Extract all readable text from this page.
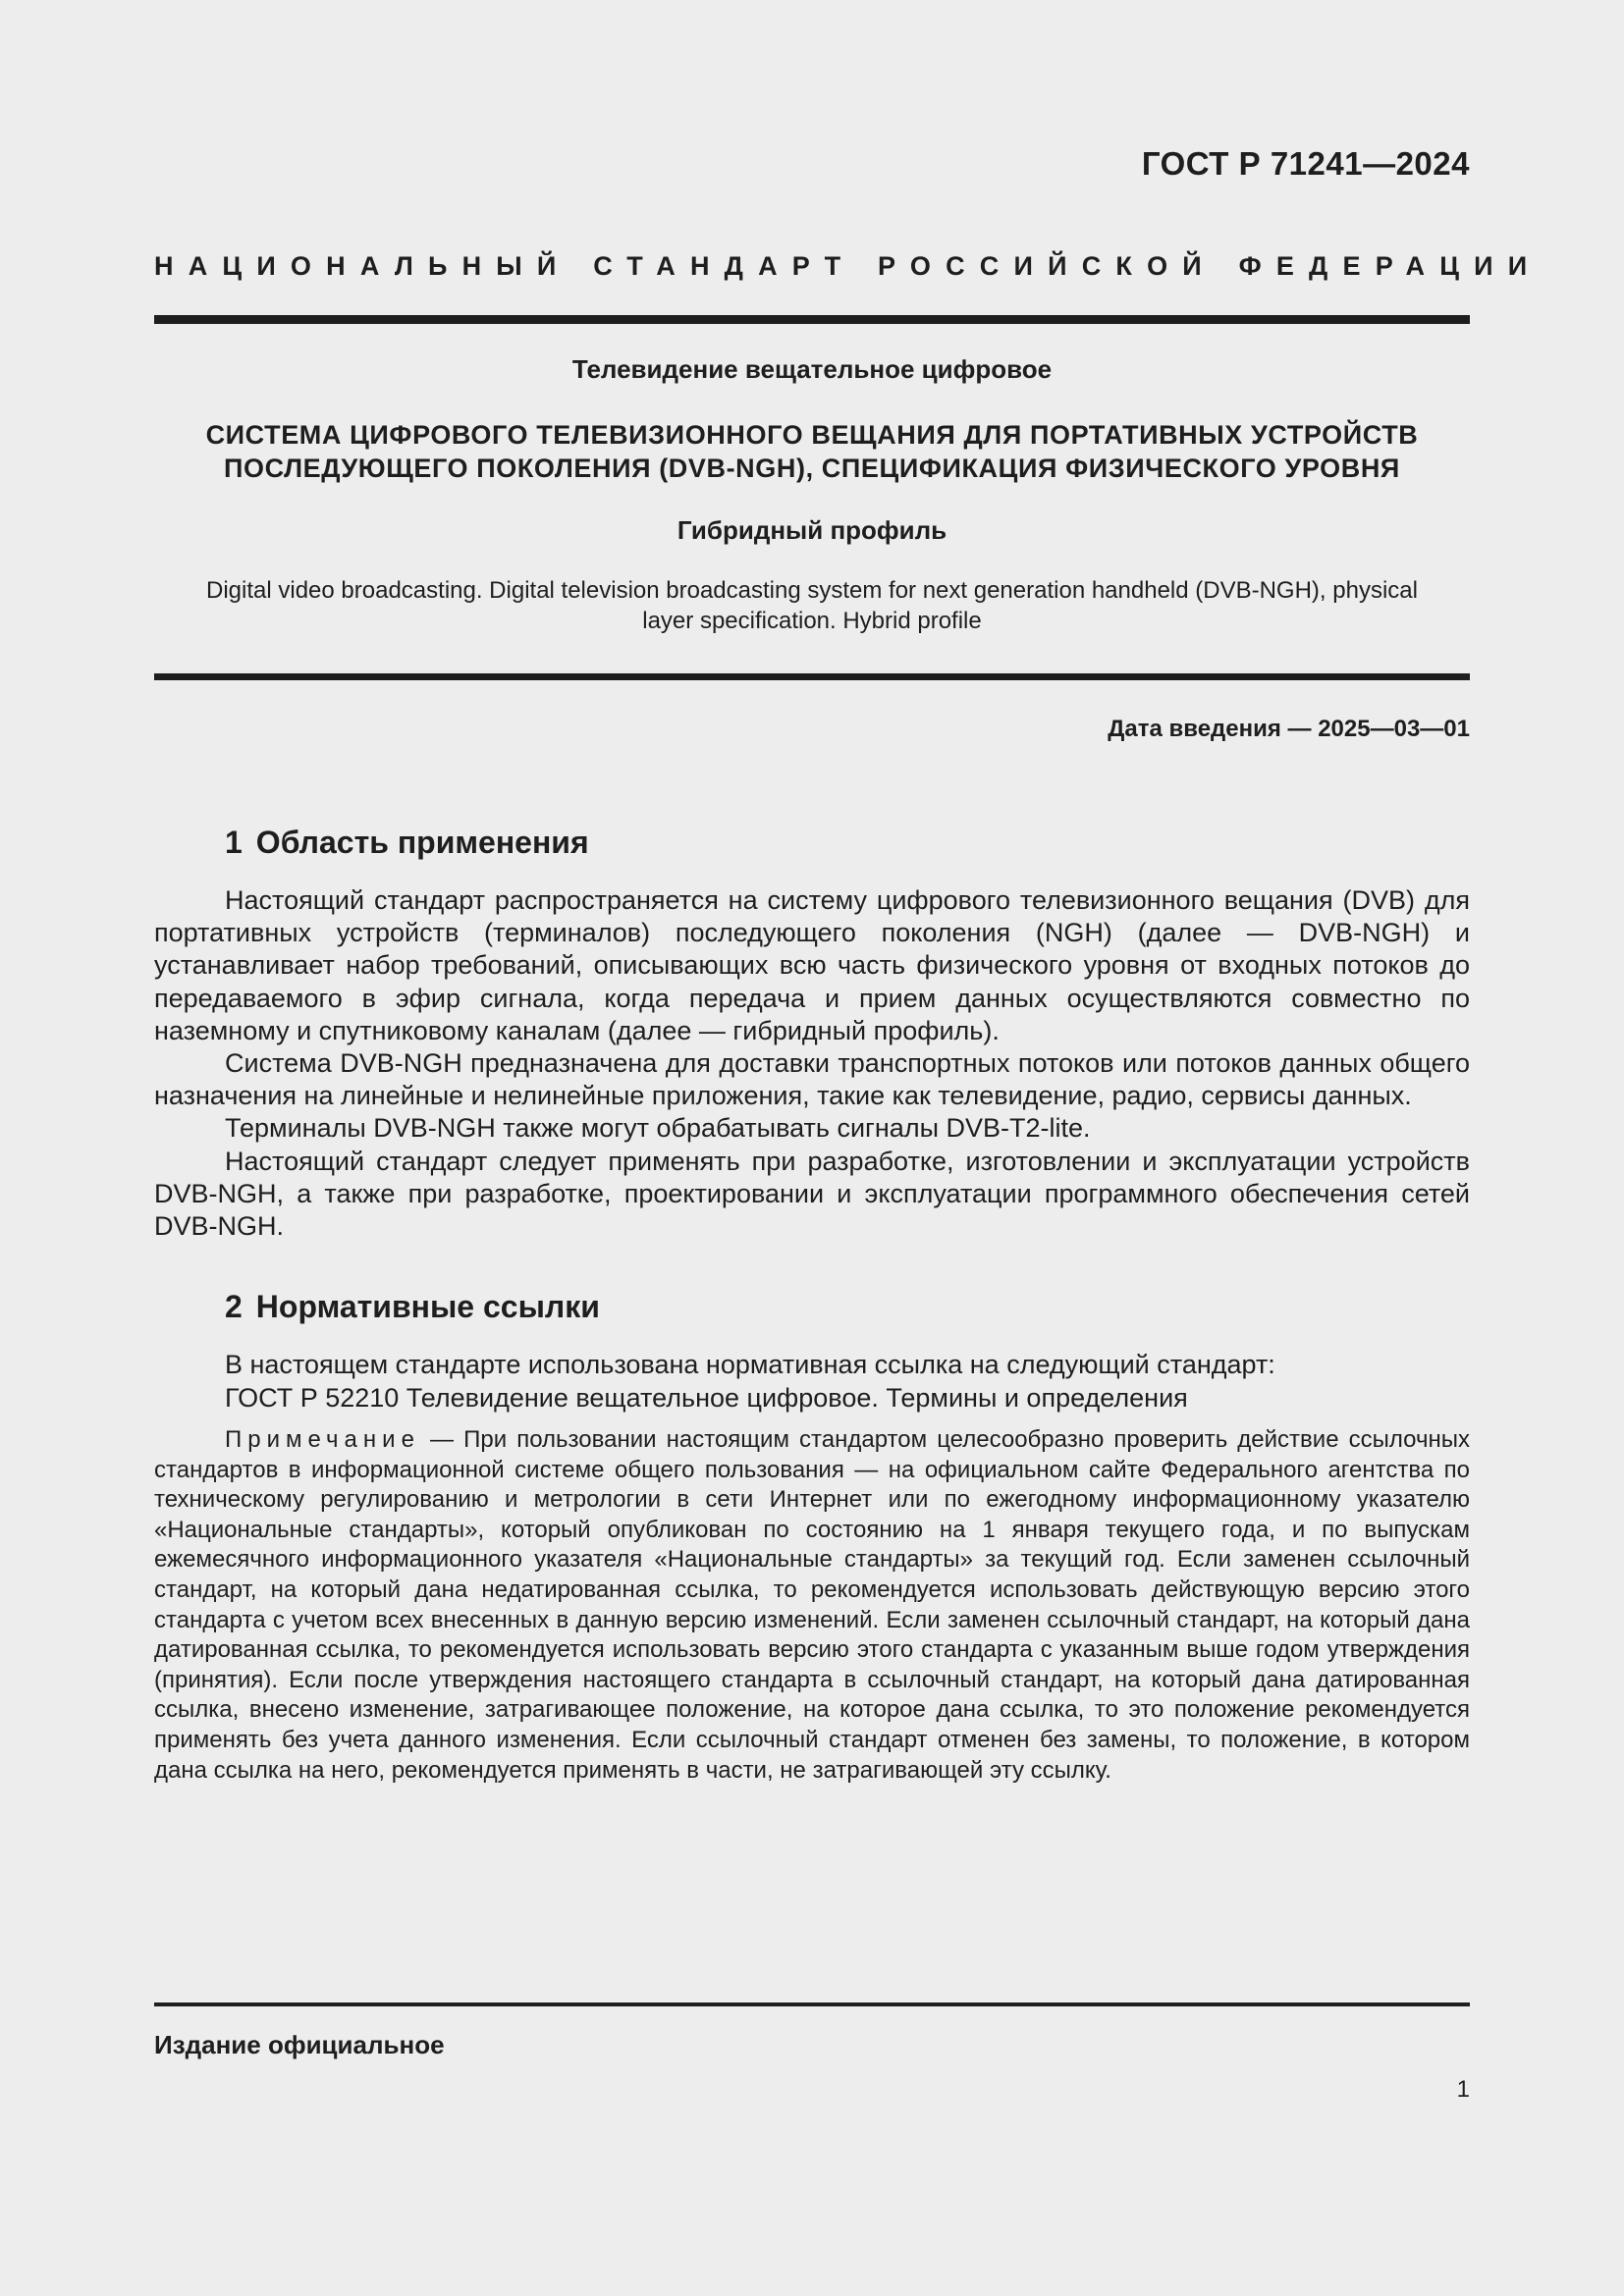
ГОСТ Р 71241—2024
НАЦИОНАЛЬНЫЙ СТАНДАРТ РОССИЙСКОЙ ФЕДЕРАЦИИ
Телевидение вещательное цифровое
СИСТЕМА ЦИФРОВОГО ТЕЛЕВИЗИОННОГО ВЕЩАНИЯ ДЛЯ ПОРТАТИВНЫХ УСТРОЙСТВ
ПОСЛЕДУЮЩЕГО ПОКОЛЕНИЯ (DVB-NGH), СПЕЦИФИКАЦИЯ ФИЗИЧЕСКОГО УРОВНЯ
Гибридный профиль
Digital video broadcasting. Digital television broadcasting system for next generation handheld (DVB-NGH), physical
layer specification. Hybrid profile
Дата введения — 2025—03—01
1 Область применения

Настоящий стандарт распространяется на систему цифрового телевизионного вещания (DVB) для портативных устройств (терминалов) последующего поколения (NGH) (далее — DVB-NGH) и устанавливает набор требований, описывающих всю часть физического уровня от входных потоков до передаваемого в эфир сигнала, когда передача и прием данных осуществляются совместно по наземному и спутниковому каналам (далее — гибридный профиль).

Система DVB-NGH предназначена для доставки транспортных потоков или потоков данных общего назначения на линейные и нелинейные приложения, такие как телевидение, радио, сервисы данных.

Терминалы DVB-NGH также могут обрабатывать сигналы DVB-T2-lite.

Настоящий стандарт следует применять при разработке, изготовлении и эксплуатации устройств DVB-NGH, а также при разработке, проектировании и эксплуатации программного обеспечения сетей DVB-NGH.

2 Нормативные ссылки
В настоящем стандарте использована нормативная ссылка на следующий стандарт:
ГОСТ Р 52210 Телевидение вещательное цифровое. Термины и определения

Примечание — При пользовании настоящим стандартом целесообразно проверить действие ссылочных стандартов в информационной системе общего пользования — на официальном сайте Федерального агентства по техническому регулированию и метрологии в сети Интернет или по ежегодному информационному указателю «Национальные стандарты», который опубликован по состоянию на 1 января текущего года, и по выпускам ежемесячного информационного указателя «Национальные стандарты» за текущий год. Если заменен ссылочный стандарт, на который дана недатированная ссылка, то рекомендуется использовать действующую версию этого стандарта с учетом всех внесенных в данную версию изменений. Если заменен ссылочный стандарт, на который дана датированная ссылка, то рекомендуется использовать версию этого стандарта с указанным выше годом утверждения (принятия). Если после утверждения настоящего стандарта в ссылочный стандарт, на который дана датированная ссылка, внесено изменение, затрагивающее положение, на которое дана ссылка, то это положение рекомендуется применять без учета данного изменения. Если ссылочный стандарт отменен без замены, то положение, в котором дана ссылка на него, рекомендуется применять в части, не затрагивающей эту ссылку.

Издание официальное
1
